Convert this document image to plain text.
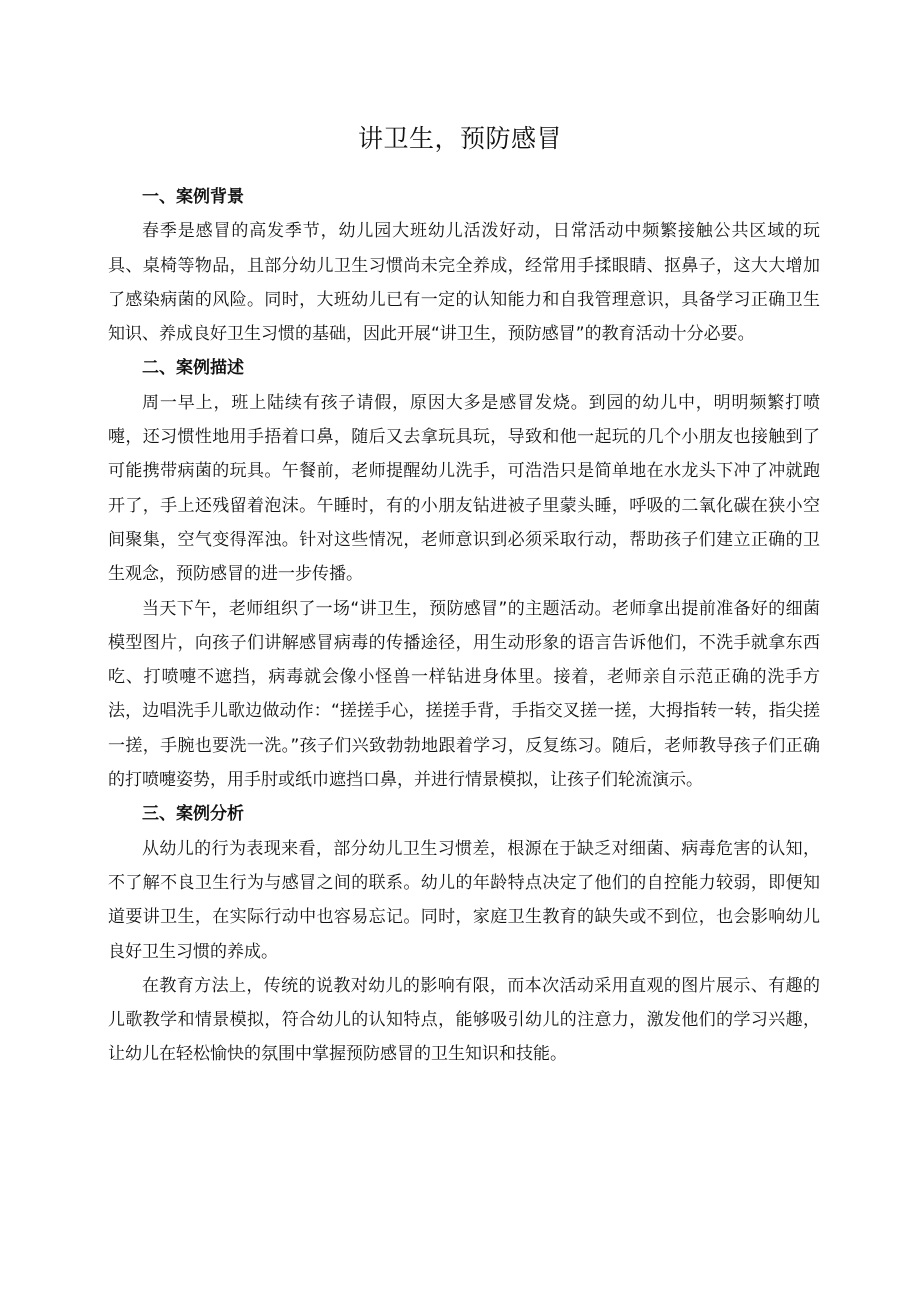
讲卫生，预防感冒
一、案例背景

春季是感冒的高发季节，幼儿园大班幼儿活泼好动，日常活动中频繁接触公共区域的玩具、桌椅等物品，且部分幼儿卫生习惯尚未完全养成，经常用手揉眼睛、抠鼻子，这大大增加了感染病菌的风险。同时，大班幼儿已有一定的认知能力和自我管理意识，具备学习正确卫生知识、养成良好卫生习惯的基础，因此开展“讲卫生，预防感冒”的教育活动十分必要。

二、案例描述

周一早上，班上陆续有孩子请假，原因大多是感冒发烧。到园的幼儿中，明明频繁打喷嚏，还习惯性地用手捂着口鼻，随后又去拿玩具玩，导致和他一起玩的几个小朋友也接触到了可能携带病菌的玩具。午餐前，老师提醒幼儿洗手，可浩浩只是简单地在水龙头下冲了冲就跑开了，手上还残留着泡沫。午睡时，有的小朋友钻进被子里蒙头睡，呼吸的二氧化碳在狭小空间聚集，空气变得浑浊。针对这些情况，老师意识到必须采取行动，帮助孩子们建立正确的卫生观念，预防感冒的进一步传播。

当天下午，老师组织了一场“讲卫生，预防感冒”的主题活动。老师拿出提前准备好的细菌模型图片，向孩子们讲解感冒病毒的传播途径，用生动形象的语言告诉他们，不洗手就拿东西吃、打喷嚏不遮挡，病毒就会像小怪兽一样钻进身体里。接着，老师亲自示范正确的洗手方法，边唱洗手儿歌边做动作：“搓搓手心，搓搓手背，手指交叉搓一搓，大拇指转一转，指尖搓一搓，手腕也要洗一洗。”孩子们兴致勃勃地跟着学习，反复练习。随后，老师教导孩子们正确的打喷嚏姿势，用手肘或纸巾遮挡口鼻，并进行情景模拟，让孩子们轮流演示。

三、案例分析

从幼儿的行为表现来看，部分幼儿卫生习惯差，根源在于缺乏对细菌、病毒危害的认知，不了解不良卫生行为与感冒之间的联系。幼儿的年龄特点决定了他们的自控能力较弱，即便知道要讲卫生，在实际行动中也容易忘记。同时，家庭卫生教育的缺失或不到位，也会影响幼儿良好卫生习惯的养成。

在教育方法上，传统的说教对幼儿的影响有限，而本次活动采用直观的图片展示、有趣的儿歌教学和情景模拟，符合幼儿的认知特点，能够吸引幼儿的注意力，激发他们的学习兴趣，让幼儿在轻松愉快的氛围中掌握预防感冒的卫生知识和技能。
